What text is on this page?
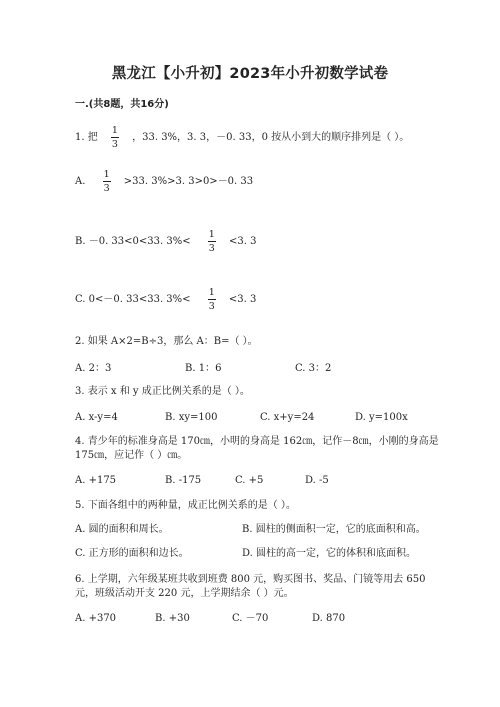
黑龙江【小升初】2023年小升初数学试卷
一.(共8题，共16分)
1. 把 $\frac{1}{3}$ ，33. 3%，3. 3，－0. 33，0 按从小到大的顺序排列是（ ）。
A. $\frac{1}{3} >33$. 3%>3. 3>0>－0. 33
B. －0. 33<0<33. $3\%< \frac{1}{3} <3$. 3
C. 0<－0. 33<33. $3\%< \frac{1}{3} <3$. 3
2. 如果 A×2=B÷3，那么 A：B=（ ）。
A. 2：3	B. 1：6	C. 3：2
3. 表示 x 和 y 成正比例关系的是（ ）。
A. x-y=4	B. xy=100	C. x+y=24	D. y=100x
4. 青少年的标准身高是 170㎝，小明的身高是 162㎝，记作－8㎝，小刚的身高是
175㎝，应记作（ ）㎝。
A. +175	B. -175	C. +5	D. -5
5. 下面各组中的两种量，成正比例关系的是（ ）。
A. 圆的面积和周长。	B. 圆柱的侧面积一定，它的底面积和高。
C. 正方形的面积和边长。	D. 圆柱的高一定，它的体积和底面积。
6. 上学期，六年级某班共收到班费 800 元，购买图书、奖品、门镜等用去 650
元，班级活动开支 220 元，上学期结余（ ）元。
A. +370	B. +30	C. －70	D. 870
